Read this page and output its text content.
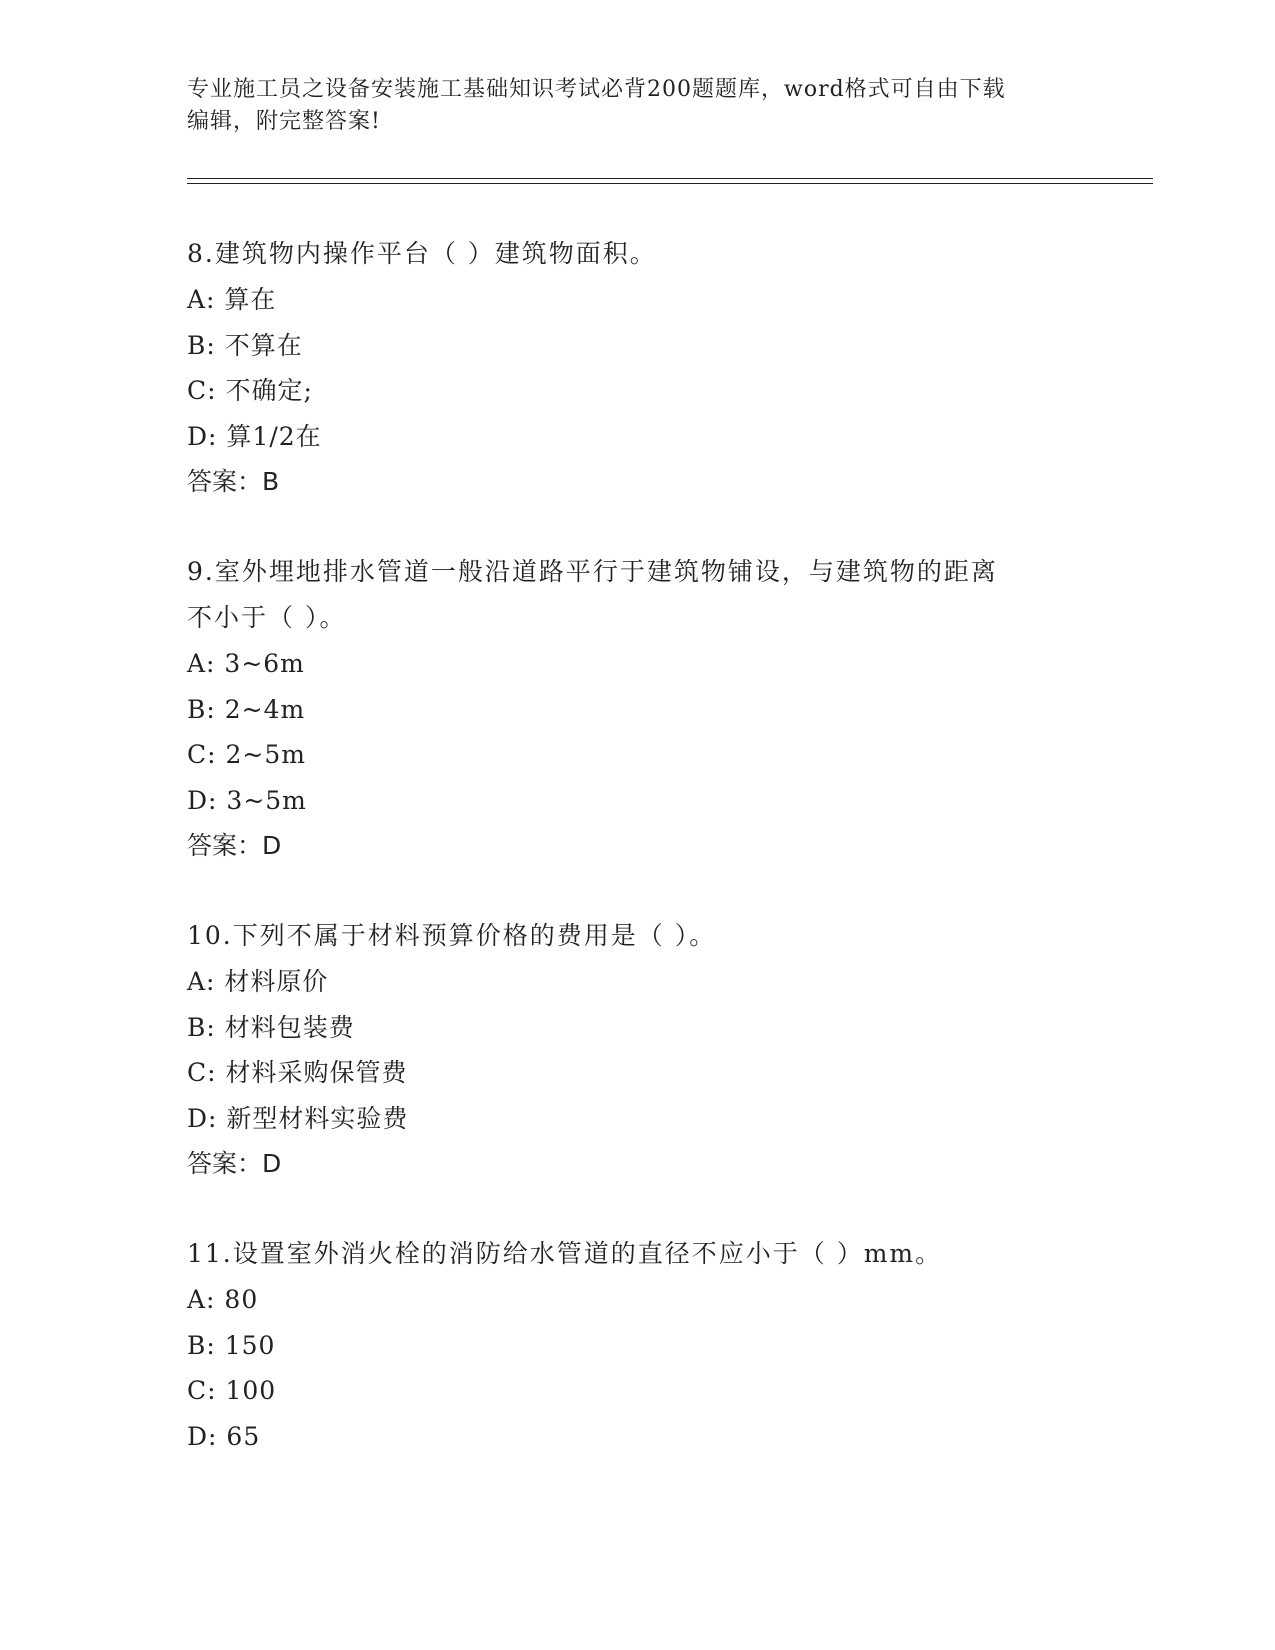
专业施工员之设备安装施工基础知识考试必背200题题库，word格式可自由下载
编辑，附完整答案!
8.建筑物内操作平台（ ）建筑物面积。
A: 算在
B: 不算在
C: 不确定;
D: 算1/2在
答案：B
9.室外埋地排水管道一般沿道路平行于建筑物铺设，与建筑物的距离
不小于（ ）。
A: 3~6m
B: 2~4m
C: 2~5m
D: 3~5m
答案：D
10.下列不属于材料预算价格的费用是（ ）。
A: 材料原价
B: 材料包装费
C: 材料采购保管费
D: 新型材料实验费
答案：D
11.设置室外消火栓的消防给水管道的直径不应小于（ ）mm。
A: 80
B: 150
C: 100
D: 65
